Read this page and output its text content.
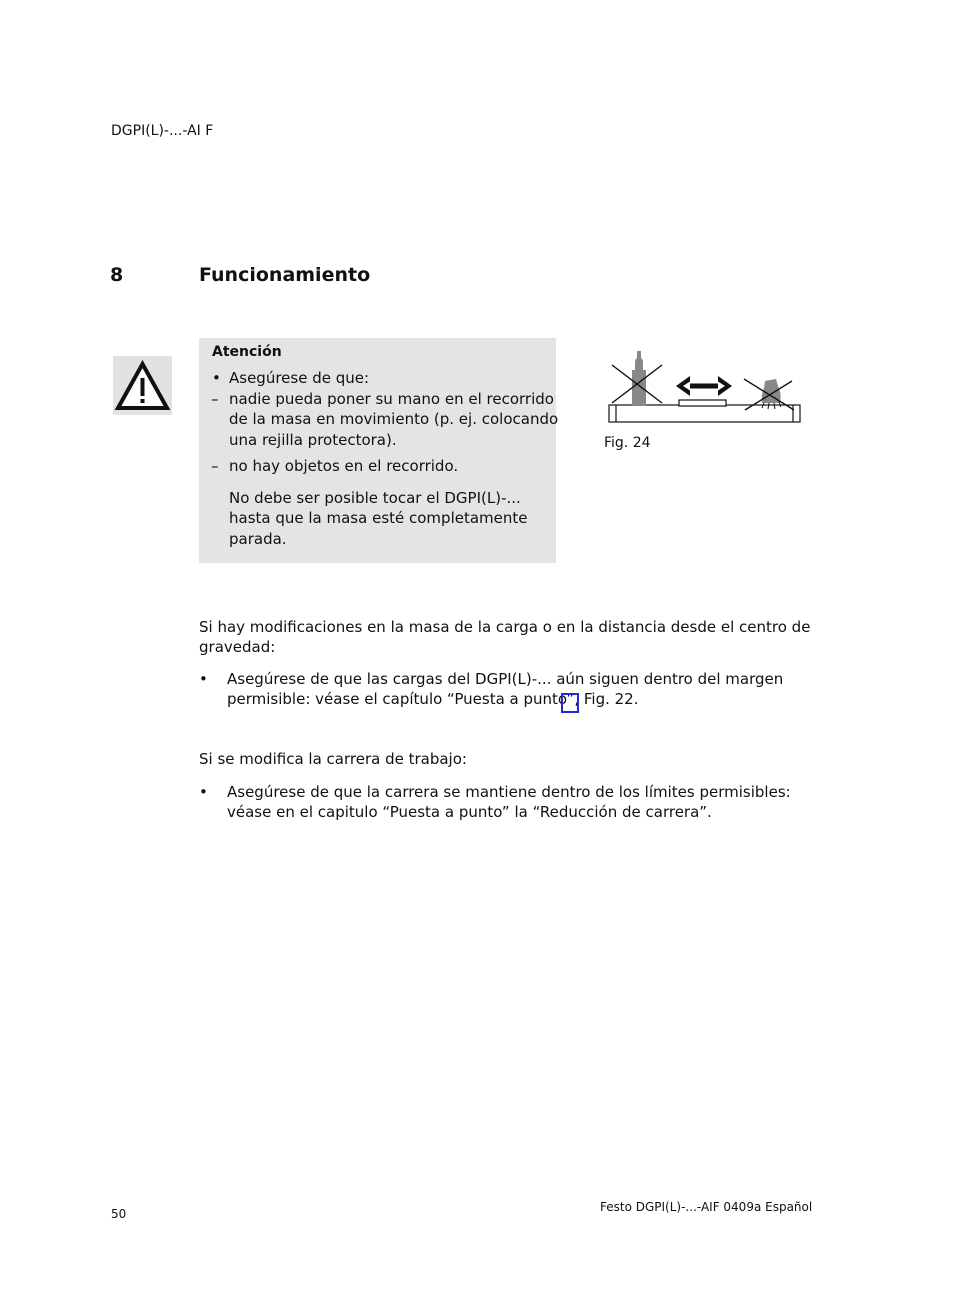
DGPI(L)-...-AI F
8	Funcionamiento
Atención
• Asegúrese de que:
– nadie pueda poner su mano en el recorrido
de la masa en movimiento (p. ej. colocando
una rejilla protectora).
– no hay objetos en el recorrido.
No debe ser posible tocar el DGPI(L)-...
hasta que la masa esté completamente
parada.
Fig. 24
Si hay modificaciones en la masa de la carga o en la distancia desde el centro de
gravedad:
• Asegúrese de que las cargas del DGPI(L)-... aún siguen dentro del margen
permisible: véase el capítulo “Puesta a punto”, Fig. 22.
Si se modifica la carrera de trabajo:
• Asegúrese de que la carrera se mantiene dentro de los límites permisibles:
véase en el capitulo “Puesta a punto” la “Reducción de carrera”.
50	Festo DGPI(L)-...-AIF 0409a Español
